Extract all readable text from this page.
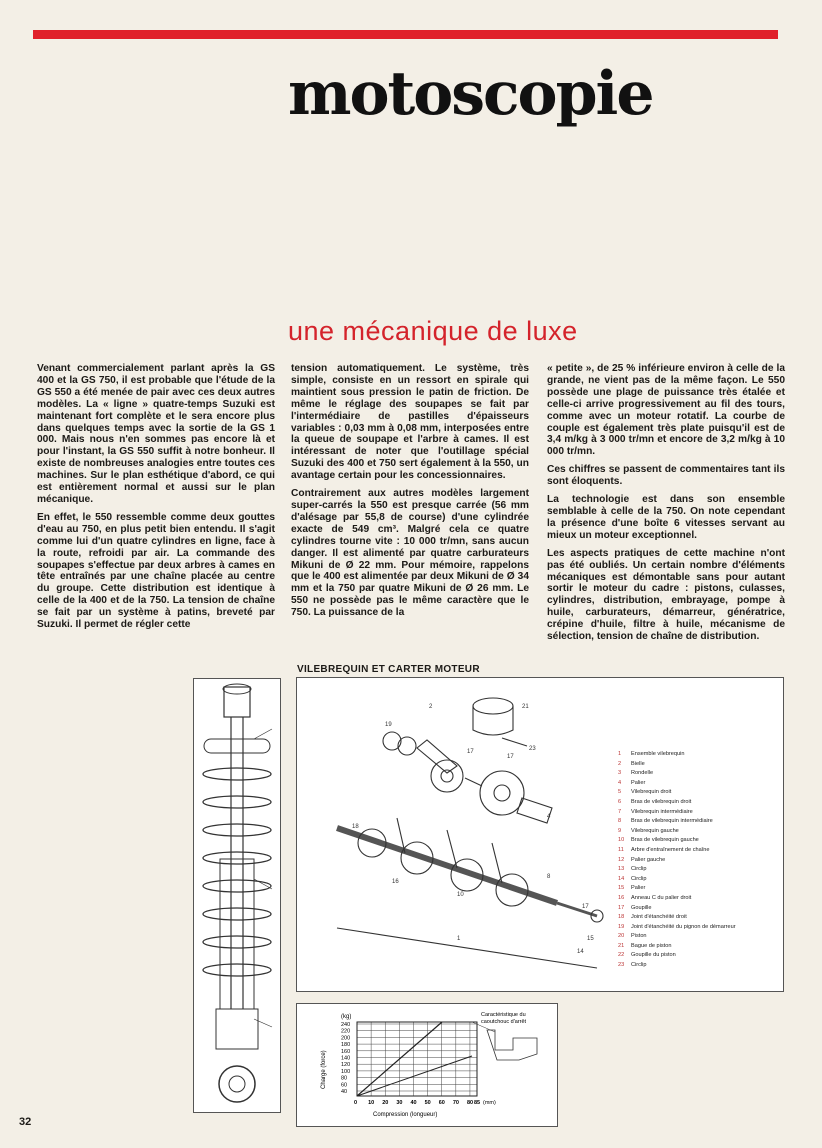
motoscopie
une mécanique de luxe

Venant commercialement parlant après la GS 400 et la GS 750, il est probable que l'étude de la GS 550 a été menée de pair avec ces deux autres modèles. La « ligne » quatre-temps Suzuki est maintenant fort complète et le sera encore plus dans quelques temps avec la sortie de la GS 1 000. Mais nous n'en sommes pas encore là et pour l'instant, la GS 550 suffit à notre bonheur. Il existe de nombreuses analogies entre toutes ces machines. Sur le plan esthétique d'abord, ce qui est entièrement normal et aussi sur le plan mécanique.

En effet, le 550 ressemble comme deux gouttes d'eau au 750, en plus petit bien entendu. Il s'agit comme lui d'un quatre cylindres en ligne, face à la route, refroidi par air. La commande des soupapes s'effectue par deux arbres à cames en tête entraînés par une chaîne placée au centre du groupe. Cette distribution est identique à celle de la 400 et de la 750. La tension de chaîne se fait par un système à patins, breveté par Suzuki. Il permet de régler cette

tension automatiquement. Le système, très simple, consiste en un ressort en spirale qui maintient sous pression le patin de friction. De même le réglage des soupapes se fait par l'intermédiaire de pastilles d'épaisseurs variables : 0,03 mm à 0,08 mm, interposées entre la queue de soupape et l'arbre à cames. Il est intéressant de noter que l'outillage spécial Suzuki des 400 et 750 sert également à la 550, un avantage certain pour les concessionnaires.

Contrairement aux autres modèles largement super-carrés la 550 est presque carrée (56 mm d'alésage par 55,8 de course) d'une cylindrée exacte de 549 cm³. Malgré cela ce quatre cylindres tourne vite : 10 000 tr/mn, sans aucun danger. Il est alimenté par quatre carburateurs Mikuni de Ø 22 mm. Pour mémoire, rappelons que le 400 est alimentée par deux Mikuni de Ø 34 mm et la 750 par quatre Mikuni de Ø 26 mm. Le 550 ne possède pas le même caractère que le 750. La puissance de la

« petite », de 25 % inférieure environ à celle de la grande, ne vient pas de la même façon. Le 550 possède une plage de puissance très étalée et celle-ci arrive progressivement au fil des tours, comme avec un moteur rotatif. La courbe de couple est également très plate puisqu'il est de 3,4 m/kg à 3 000 tr/mn et encore de 3,2 m/kg à 10 000 tr/mn.

Ces chiffres se passent de commentaires tant ils sont éloquents.

La technologie est dans son ensemble semblable à celle de la 750. On note cependant la présence d'une boîte 6 vitesses servant au mieux un moteur exceptionnel.

Les aspects pratiques de cette machine n'ont pas été oubliés. Un certain nombre d'éléments mécaniques est démontable sans pour autant sortir le moteur du cadre : pistons, culasses, cylindres, distribution, embrayage, pompe à huile, carburateurs, démarreur, génératrice, crépine d'huile, filtre à huile, mécanisme de sélection, tension de chaîne de distribution.

VILEBREQUIN ET CARTER MOTEUR
2	21
23
19
17
17
18
4
16
10
8
17
15
14
1
1 Ensemble vilebrequin
2 Bielle
3 Rondelle
4 Palier
5 Vilebrequin droit
6 Bras de vilebrequin droit
7 Vilebrequin intermédiaire
8 Bras de vilebrequin intermédiaire
9 Vilebrequin gauche
10 Bras de vilebrequin gauche
11 Arbre d'entraînement de chaîne
12 Palier gauche
13 Circlip
14 Circlip
15 Palier
16 Anneau C du palier droit
17 Goupille
18 Joint d'étanchéité droit
19 Joint d'étanchéité du pignon de démarreur
20 Piston
21 Bague de piston
22 Goupille du piston
23 Circlip
(kg)
Charge (force)
(mm)
Compression (longueur)
240
220
200
180
160
140
120
100
80
60
40
0 10 20 30 40 50 60 70 80 85
Caractéristique du caoutchouc d'arrêt
32
